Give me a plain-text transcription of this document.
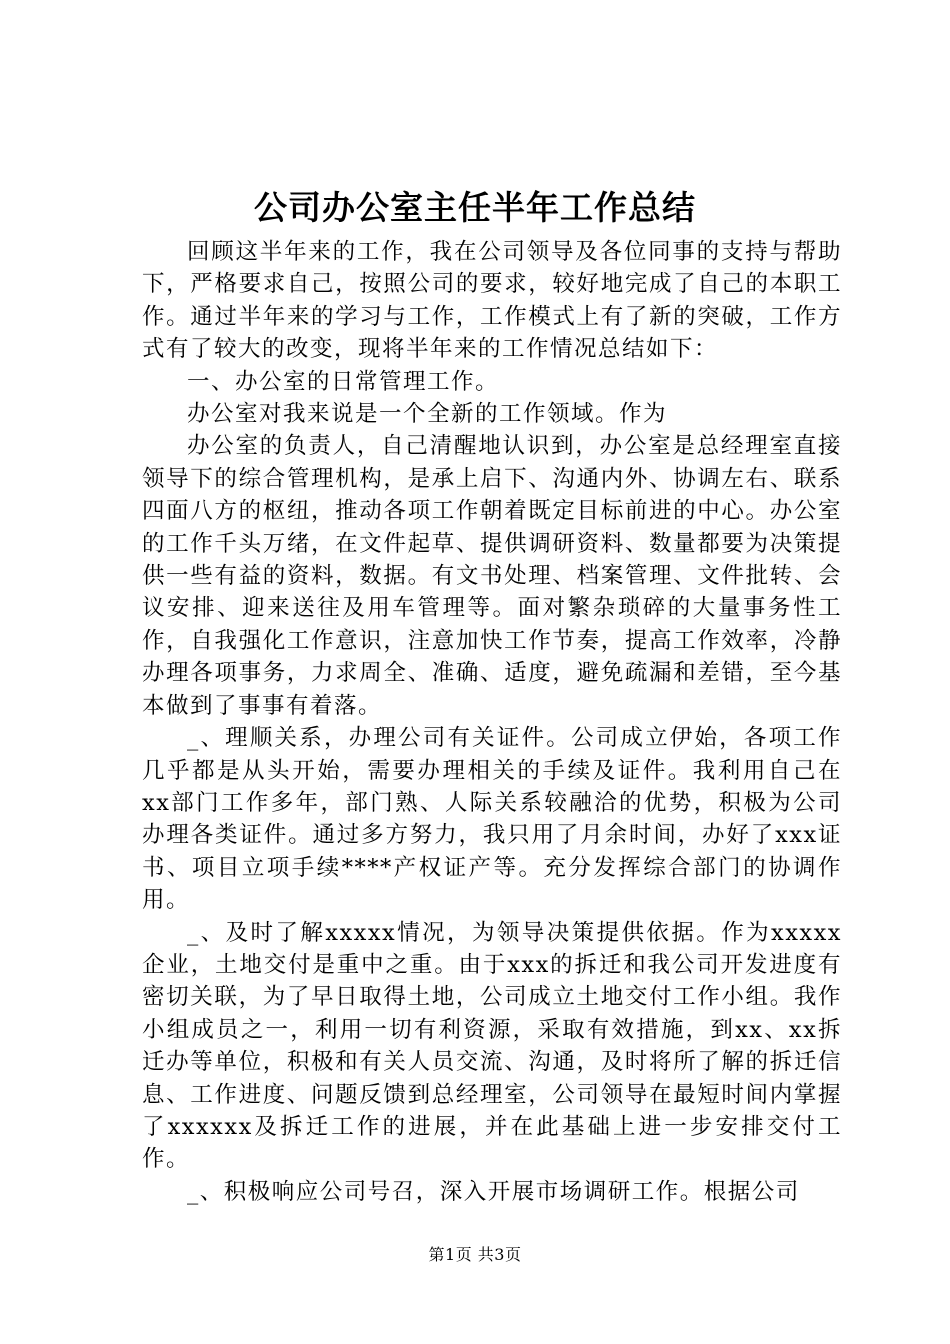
公司办公室主任半年工作总结

回顾这半年来的工作，我在公司领导及各位同事的支持与帮助下，严格要求自己，按照公司的要求，较好地完成了自己的本职工作。通过半年来的学习与工作，工作模式上有了新的突破，工作方式有了较大的改变，现将半年来的工作情况总结如下：

一、办公室的日常管理工作。

办公室对我来说是一个全新的工作领域。作为

办公室的负责人，自己清醒地认识到，办公室是总经理室直接领导下的综合管理机构，是承上启下、沟通内外、协调左右、联系四面八方的枢纽，推动各项工作朝着既定目标前进的中心。办公室的工作千头万绪，在文件起草、提供调研资料、数量都要为决策提供一些有益的资料，数据。有文书处理、档案管理、文件批转、会议安排、迎来送往及用车管理等。面对繁杂琐碎的大量事务性工作，自我强化工作意识，注意加快工作节奏，提高工作效率，冷静办理各项事务，力求周全、准确、适度，避免疏漏和差错，至今基本做到了事事有着落。

_、理顺关系，办理公司有关证件。公司成立伊始，各项工作几乎都是从头开始，需要办理相关的手续及证件。我利用自己在xx部门工作多年，部门熟、人际关系较融洽的优势，积极为公司办理各类证件。通过多方努力，我只用了月余时间，办好了xxx证书、项目立项手续****产权证产等。充分发挥综合部门的协调作用。

_、及时了解xxxxx情况，为领导决策提供依据。作为xxxxx企业，土地交付是重中之重。由于xxx的拆迁和我公司开发进度有密切关联，为了早日取得土地，公司成立土地交付工作小组。我作小组成员之一，利用一切有利资源，采取有效措施，到xx、xx拆迁办等单位，积极和有关人员交流、沟通，及时将所了解的拆迁信息、工作进度、问题反馈到总经理室，公司领导在最短时间内掌握了xxxxxx及拆迁工作的进展，并在此基础上进一步安排交付工作。

_、积极响应公司号召，深入开展市场调研工作。根据公司

第1页 共3页
